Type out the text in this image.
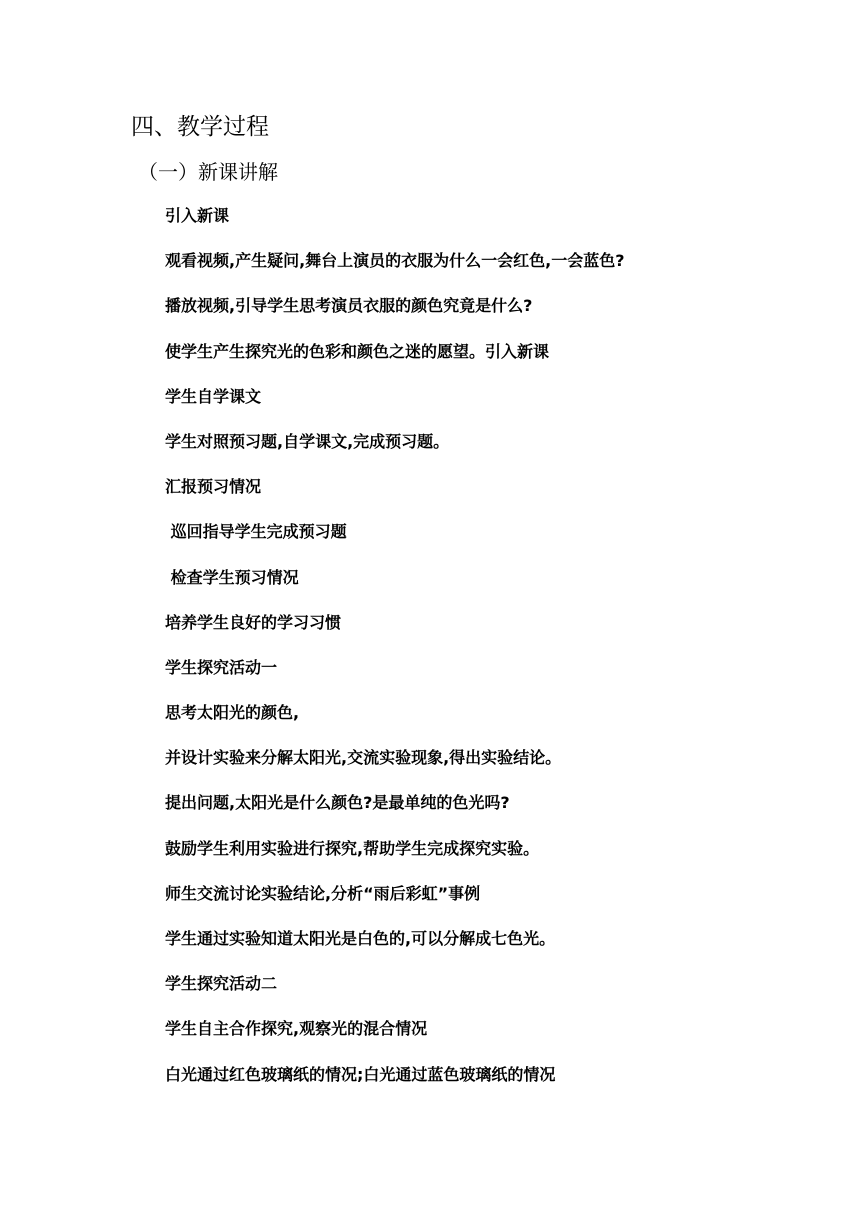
四、教学过程
（一）新课讲解
引入新课
观看视频,产生疑问,舞台上演员的衣服为什么一会红色,一会蓝色?
播放视频,引导学生思考演员衣服的颜色究竟是什么?
使学生产生探究光的色彩和颜色之迷的愿望。引入新课
学生自学课文
学生对照预习题,自学课文,完成预习题。
汇报预习情况
巡回指导学生完成预习题
检查学生预习情况
培养学生良好的学习习惯
学生探究活动一
思考太阳光的颜色,
并设计实验来分解太阳光,交流实验现象,得出实验结论。
提出问题,太阳光是什么颜色?是最单纯的色光吗?
鼓励学生利用实验进行探究,帮助学生完成探究实验。
师生交流讨论实验结论,分析“雨后彩虹”事例
学生通过实验知道太阳光是白色的,可以分解成七色光。
学生探究活动二
学生自主合作探究,观察光的混合情况
白光通过红色玻璃纸的情况;白光通过蓝色玻璃纸的情况
